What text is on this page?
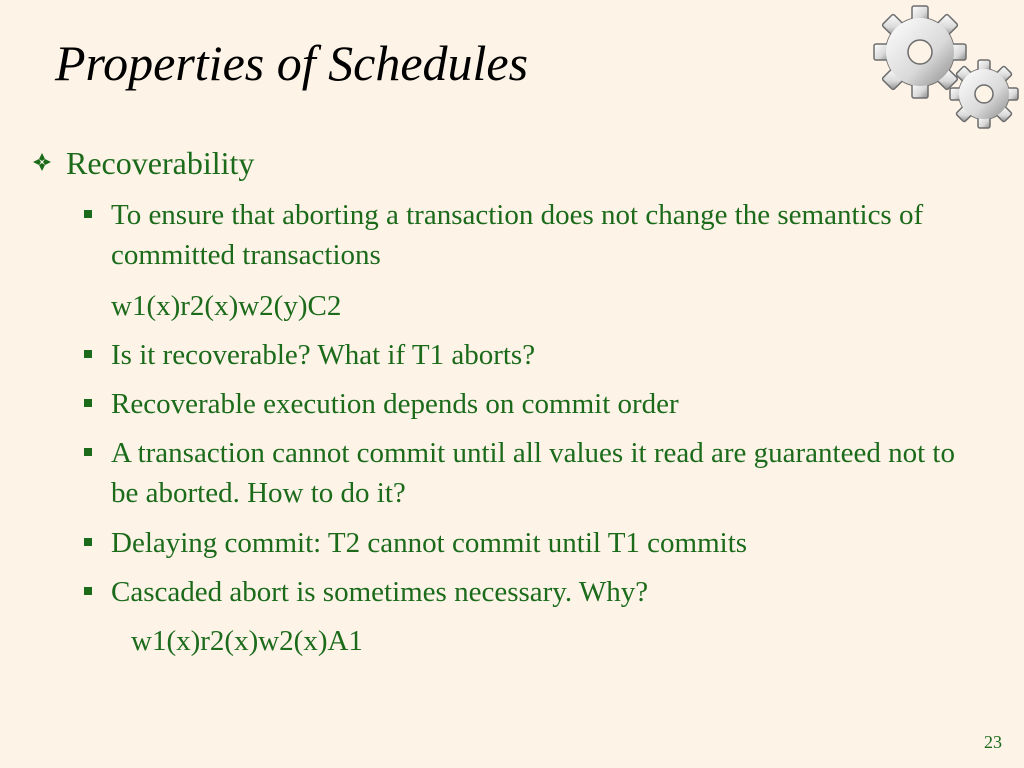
Properties of Schedules
Recoverability
To ensure that aborting a transaction does not change the semantics of committed transactions
w1(x)r2(x)w2(y)C2
Is it recoverable? What if T1 aborts?
Recoverable execution depends on commit order
A transaction cannot commit until all values it read are guaranteed not to be aborted. How to do it?
Delaying commit: T2 cannot commit until T1 commits
Cascaded abort is sometimes necessary. Why?
w1(x)r2(x)w2(x)A1
23
